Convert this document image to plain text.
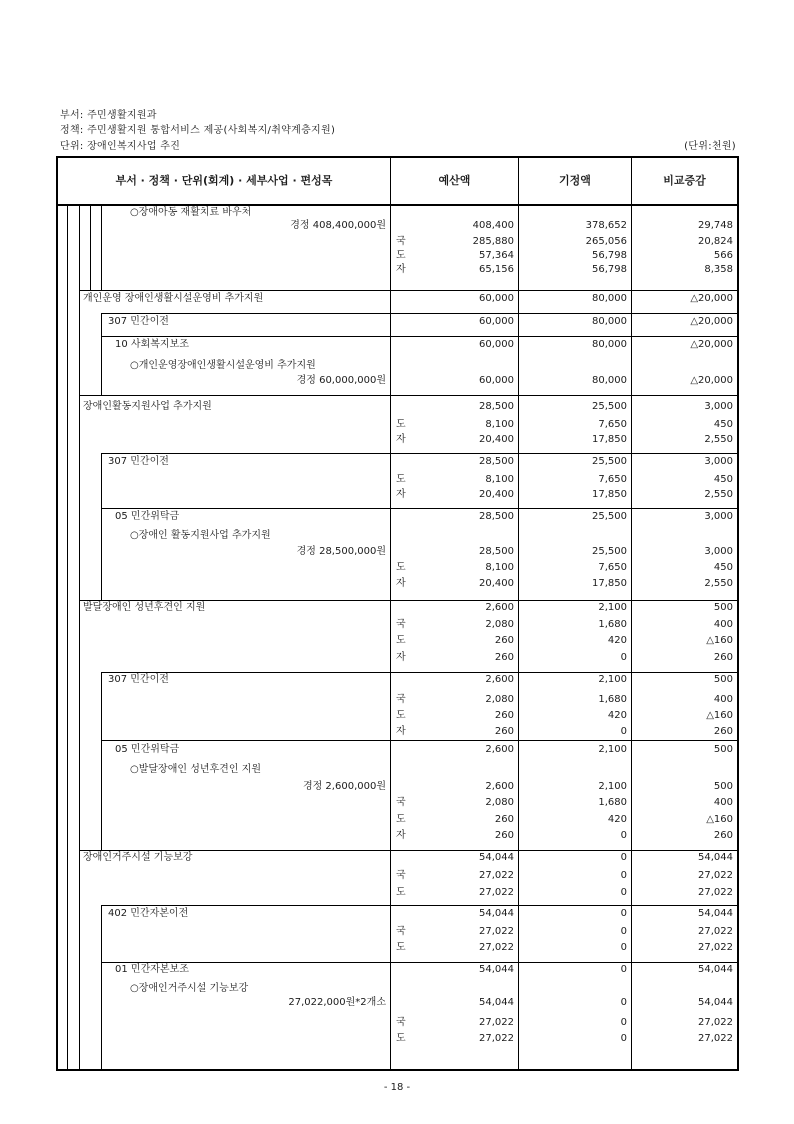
부서: 주민생활지원과
정책: 주민생활지원 통합서비스 제공(사회복지/취약계층지원)
단위: 장애인복지사업 추진	(단위:천원)
부서 · 정책 · 단위(회계) · 세부사업 · 편성목	예산액	기정액	비교증감
○장애아동 재활치료 바우처
경정 408,400,000원	408,400	378,652	29,748
국	285,880	265,056	20,824
도	57,364	56,798	566
자	65,156	56,798	8,358
개인운영 장애인생활시설운영비 추가지원	60,000	80,000	△20,000
307 민간이전	60,000	80,000	△20,000
10 사회복지보조	60,000	80,000	△20,000
○개인운영장애인생활시설운영비 추가지원
경정 60,000,000원	60,000	80,000	△20,000
장애인활동지원사업 추가지원	28,500	25,500	3,000
도	8,100	7,650	450
자	20,400	17,850	2,550
307 민간이전	28,500	25,500	3,000
도	8,100	7,650	450
자	20,400	17,850	2,550
05 민간위탁금	28,500	25,500	3,000
○장애인 활동지원사업 추가지원
경정 28,500,000원	28,500	25,500	3,000
도	8,100	7,650	450
자	20,400	17,850	2,550
발달장애인 성년후견인 지원	2,600	2,100	500
국	2,080	1,680	400
도	260	420	△160
자	260	0	260
307 민간이전	2,600	2,100	500
국	2,080	1,680	400
도	260	420	△160
자	260	0	260
05 민간위탁금	2,600	2,100	500
○발달장애인 성년후견인 지원
경정 2,600,000원	2,600	2,100	500
국	2,080	1,680	400
도	260	420	△160
자	260	0	260
장애인거주시설 기능보강	54,044	0	54,044
국	27,022	0	27,022
도	27,022	0	27,022
402 민간자본이전	54,044	0	54,044
국	27,022	0	27,022
도	27,022	0	27,022
01 민간자본보조	54,044	0	54,044
○장애인거주시설 기능보강
27,022,000원*2개소	54,044	0	54,044
국	27,022	0	27,022
도	27,022	0	27,022
- 18 -
